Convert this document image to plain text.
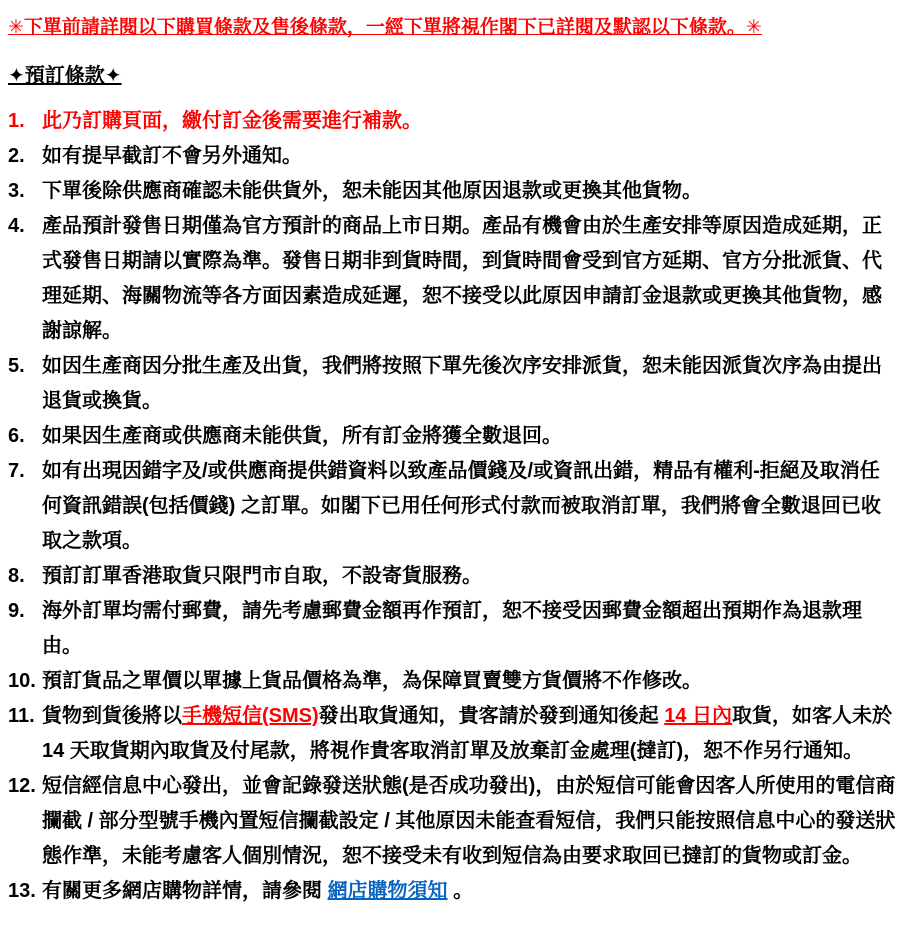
✳下單前請詳閱以下購買條款及售後條款，一經下單將視作閣下已詳閱及默認以下條款。✳
✦預訂條款✦
1. 此乃訂購頁面，繳付訂金後需要進行補款。
2. 如有提早截訂不會另外通知。
3. 下單後除供應商確認未能供貨外，恕未能因其他原因退款或更換其他貨物。
4. 產品預計發售日期僅為官方預計的商品上市日期。產品有機會由於生產安排等原因造成延期，正式發售日期請以實際為準。發售日期非到貨時間，到貨時間會受到官方延期、官方分批派貨、代理延期、海關物流等各方面因素造成延遲，恕不接受以此原因申請訂金退款或更換其他貨物，感謝諒解。
5. 如因生產商因分批生產及出貨，我們將按照下單先後次序安排派貨，恕未能因派貨次序為由提出退貨或換貨。
6. 如果因生產商或供應商未能供貨，所有訂金將獲全數退回。
7. 如有出現因錯字及/或供應商提供錯資料以致產品價錢及/或資訊出錯，精品有權利-拒絕及取消任何資訊錯誤(包括價錢) 之訂單。如閣下已用任何形式付款而被取消訂單，我們將會全數退回已收取之款項。
8. 預訂訂單香港取貨只限門市自取，不設寄貨服務。
9. 海外訂單均需付郵費，請先考慮郵費金額再作預訂，恕不接受因郵費金額超出預期作為退款理由。
10. 預訂貨品之單價以單據上貨品價格為準，為保障買賣雙方貨價將不作修改。
11. 貨物到貨後將以手機短信(SMS)發出取貨通知，貴客請於發到通知後起 14 日內取貨，如客人未於 14 天取貨期內取貨及付尾款，將視作貴客取消訂單及放棄訂金處理(撻訂)，恕不作另行通知。
12. 短信經信息中心發出，並會記錄發送狀態(是否成功發出)，由於短信可能會因客人所使用的電信商攔截 / 部分型號手機內置短信攔截設定 / 其他原因未能查看短信，我們只能按照信息中心的發送狀態作準，未能考慮客人個別情況，恕不接受未有收到短信為由要求取回已撻訂的貨物或訂金。
13. 有關更多網店購物詳情，請參閱 網店購物須知 。
